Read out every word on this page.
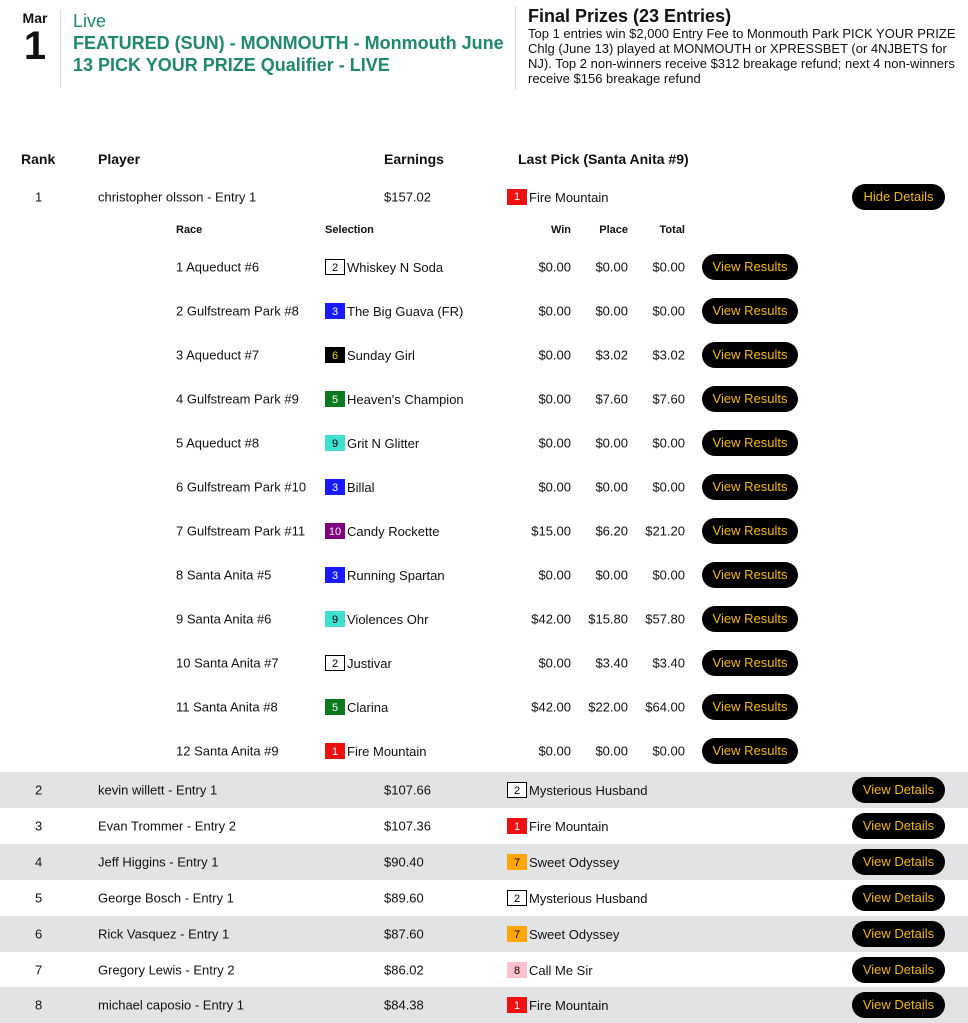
Mar
1
Live
FEATURED (SUN) - MONMOUTH - Monmouth June 13 PICK YOUR PRIZE Qualifier - LIVE
Final Prizes (23 Entries)
Top 1 entries win $2,000 Entry Fee to Monmouth Park PICK YOUR PRIZE Chlg (June 13) played at MONMOUTH or XPRESSBET (or 4NJBETS for NJ). Top 2 non-winners receive $312 breakage refund; next 4 non-winners receive $156 breakage refund
Rank	Player	Earnings	Last Pick (Santa Anita #9)
1	christopher olsson - Entry 1	$157.02	1 Fire Mountain	Hide Details
Race	Selection	Win	Place	Total
1 Aqueduct #6	2 Whiskey N Soda	$0.00	$0.00	$0.00	View Results
2 Gulfstream Park #8	3 The Big Guava (FR)	$0.00	$0.00	$0.00	View Results
3 Aqueduct #7	6 Sunday Girl	$0.00	$3.02	$3.02	View Results
4 Gulfstream Park #9	5 Heaven's Champion	$0.00	$7.60	$7.60	View Results
5 Aqueduct #8	9 Grit N Glitter	$0.00	$0.00	$0.00	View Results
6 Gulfstream Park #10	3 Billal	$0.00	$0.00	$0.00	View Results
7 Gulfstream Park #11	10 Candy Rockette	$15.00	$6.20	$21.20	View Results
8 Santa Anita #5	3 Running Spartan	$0.00	$0.00	$0.00	View Results
9 Santa Anita #6	9 Violences Ohr	$42.00	$15.80	$57.80	View Results
10 Santa Anita #7	2 Justivar	$0.00	$3.40	$3.40	View Results
11 Santa Anita #8	5 Clarina	$42.00	$22.00	$64.00	View Results
12 Santa Anita #9	1 Fire Mountain	$0.00	$0.00	$0.00	View Results
2	kevin willett - Entry 1	$107.66	2 Mysterious Husband	View Details
3	Evan Trommer - Entry 2	$107.36	1 Fire Mountain	View Details
4	Jeff Higgins - Entry 1	$90.40	7 Sweet Odyssey	View Details
5	George Bosch - Entry 1	$89.60	2 Mysterious Husband	View Details
6	Rick Vasquez - Entry 1	$87.60	7 Sweet Odyssey	View Details
7	Gregory Lewis - Entry 2	$86.02	8 Call Me Sir	View Details
8	michael caposio - Entry 1	$84.38	1 Fire Mountain	View Details
